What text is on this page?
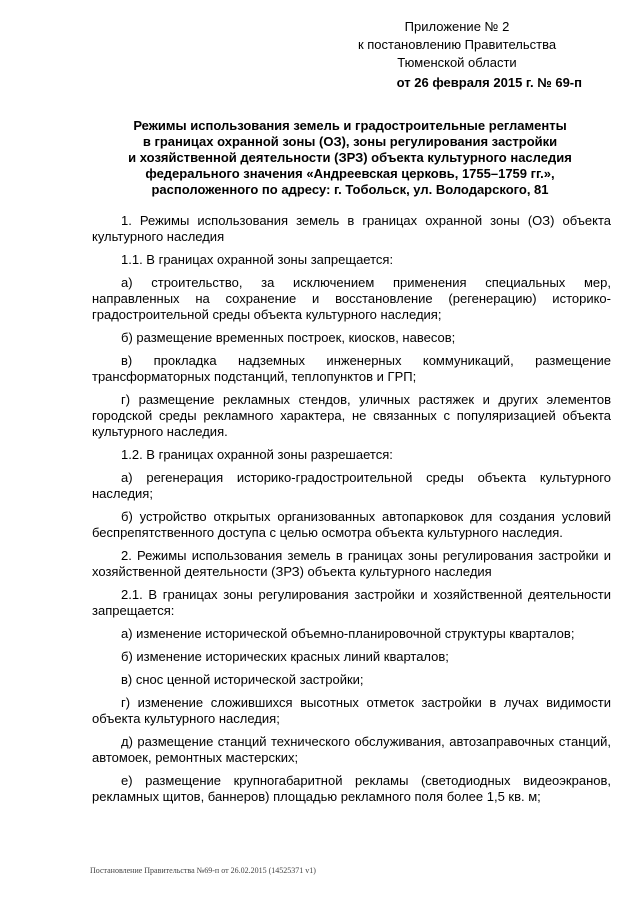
Приложение № 2
к постановлению Правительства
Тюменской области
от 26 февраля 2015 г. № 69-п
Режимы использования земель и градостроительные регламенты
в границах охранной зоны (ОЗ), зоны регулирования застройки
и хозяйственной деятельности (ЗРЗ) объекта культурного наследия
федерального значения «Андреевская церковь, 1755–1759 гг.»,
расположенного по адресу: г. Тобольск, ул. Володарского, 81

1. Режимы использования земель в границах охранной зоны (ОЗ) объекта культурного наследия

1.1. В границах охранной зоны запрещается:

а) строительство, за исключением применения специальных мер, направленных на сохранение и восстановление (регенерацию) историко-градостроительной среды объекта культурного наследия;

б) размещение временных построек, киосков, навесов;

в) прокладка надземных инженерных коммуникаций, размещение трансформаторных подстанций, теплопунктов и ГРП;

г) размещение рекламных стендов, уличных растяжек и других элементов городской среды рекламного характера, не связанных с популяризацией объекта культурного наследия.

1.2. В границах охранной зоны разрешается:

а) регенерация историко-градостроительной среды объекта культурного наследия;

б) устройство открытых организованных автопарковок для создания условий беспрепятственного доступа с целью осмотра объекта культурного наследия.

2. Режимы использования земель в границах зоны регулирования застройки и хозяйственной деятельности (ЗРЗ) объекта культурного наследия

2.1. В границах зоны регулирования застройки и хозяйственной деятельности запрещается:

а) изменение исторической объемно-планировочной структуры кварталов;

б) изменение исторических красных линий кварталов;

в) снос ценной исторической застройки;

г) изменение сложившихся высотных отметок застройки в лучах видимости объекта культурного наследия;

д) размещение станций технического обслуживания, автозаправочных станций, автомоек, ремонтных мастерских;

е) размещение крупногабаритной рекламы (светодиодных видеоэкранов, рекламных щитов, баннеров) площадью рекламного поля более 1,5 кв. м;

Постановление Правительства №69-п от 26.02.2015 (14525371 v1)
